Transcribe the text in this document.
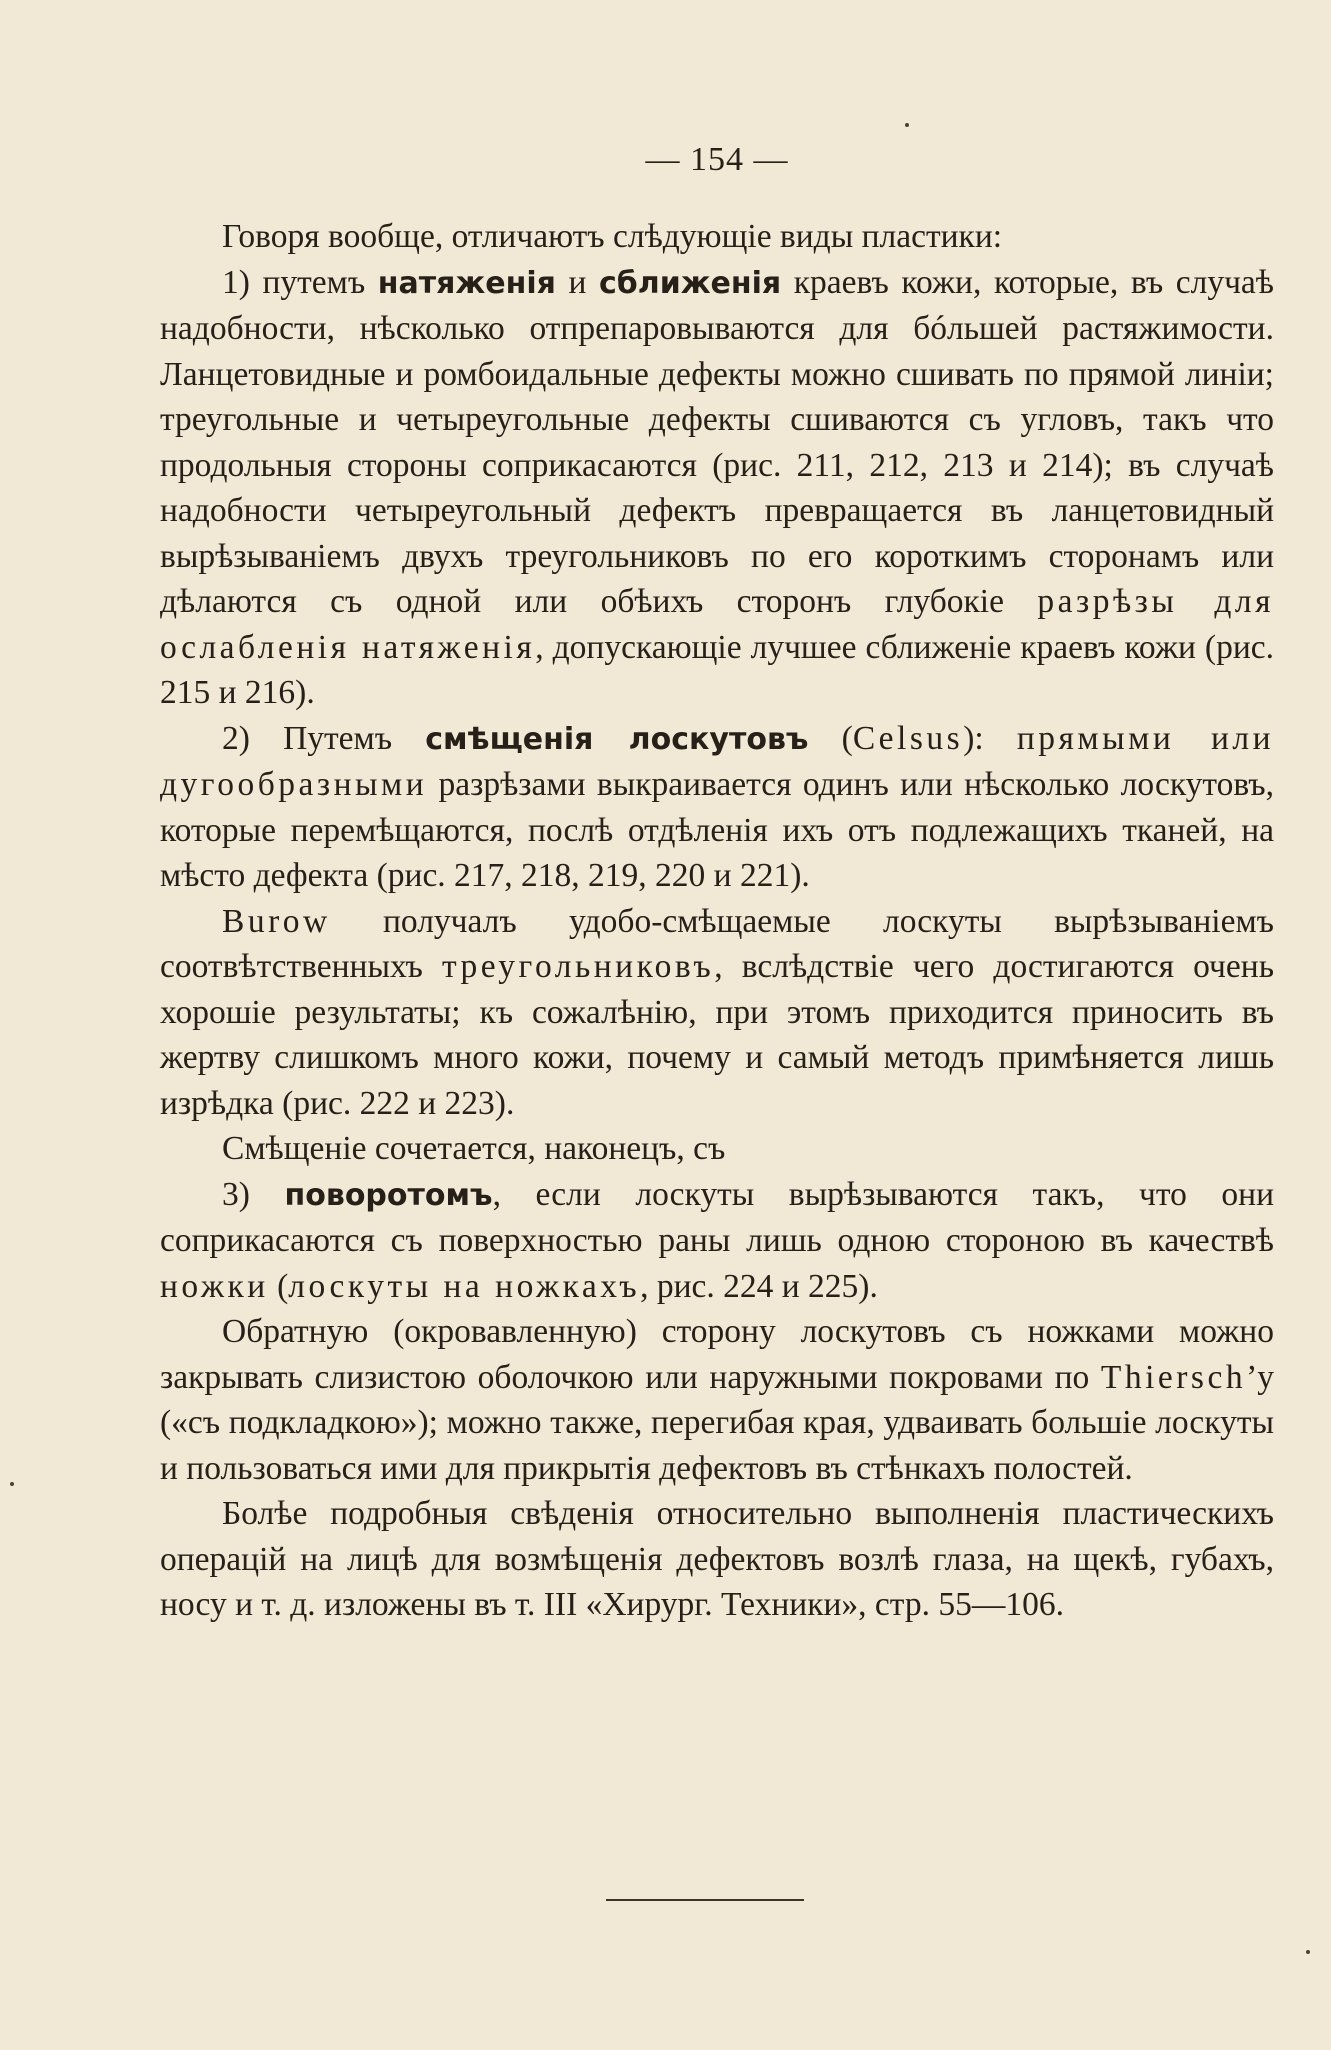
— 154 —

Говоря вообще, отличаютъ слѣдующіе виды пластики:

1) путемъ натяженія и сближенія краевъ кожи, которые, въ случаѣ надобности, нѣсколько отпрепаровываются для бóльшей растяжимости. Ланцетовидные и ромбоидальные дефекты можно сшивать по прямой линіи; треугольные и четыреугольные дефекты сшиваются съ угловъ, такъ что продольныя стороны соприкасаются (рис. 211, 212, 213 и 214); въ случаѣ надобности четыреугольный дефектъ превращается въ ланцетовидный вырѣзываніемъ двухъ треугольниковъ по его короткимъ сторонамъ или дѣлаются съ одной или обѣихъ сторонъ глубокіе разрѣзы для ослабленія натяженія, допускающіе лучшее сближеніе краевъ кожи (рис. 215 и 216).

2) Путемъ смѣщенія лоскутовъ (Celsus): прямыми или дугообразными разрѣзами выкраивается одинъ или нѣсколько лоскутовъ, которые перемѣщаются, послѣ отдѣленія ихъ отъ подлежащихъ тканей, на мѣсто дефекта (рис. 217, 218, 219, 220 и 221).

Burow получалъ удобо-смѣщаемые лоскуты вырѣзываніемъ соотвѣтственныхъ треугольниковъ, вслѣдствіе чего достигаются очень хорошіе результаты; къ сожалѣнію, при этомъ приходится приносить въ жертву слишкомъ много кожи, почему и самый методъ примѣняется лишь изрѣдка (рис. 222 и 223).

Смѣщеніе сочетается, наконецъ, съ

3) поворотомъ, если лоскуты вырѣзываются такъ, что они соприкасаются съ поверхностью раны лишь одною стороною въ качествѣ ножки (лоскуты на ножкахъ, рис. 224 и 225).

Обратную (окровавленную) сторону лоскутовъ съ ножками можно закрывать слизистою оболочкою или наружными покровами по Thiersch’у («съ подкладкою»); можно также, перегибая края, удваивать большіе лоскуты и пользоваться ими для прикрытія дефектовъ въ стѣнкахъ полостей.

Болѣе подробныя свѣденія относительно выполненія пластическихъ операцій на лицѣ для возмѣщенія дефектовъ возлѣ глаза, на щекѣ, губахъ, носу и т. д. изложены въ т. III «Хирург. Техники», стр. 55—106.
